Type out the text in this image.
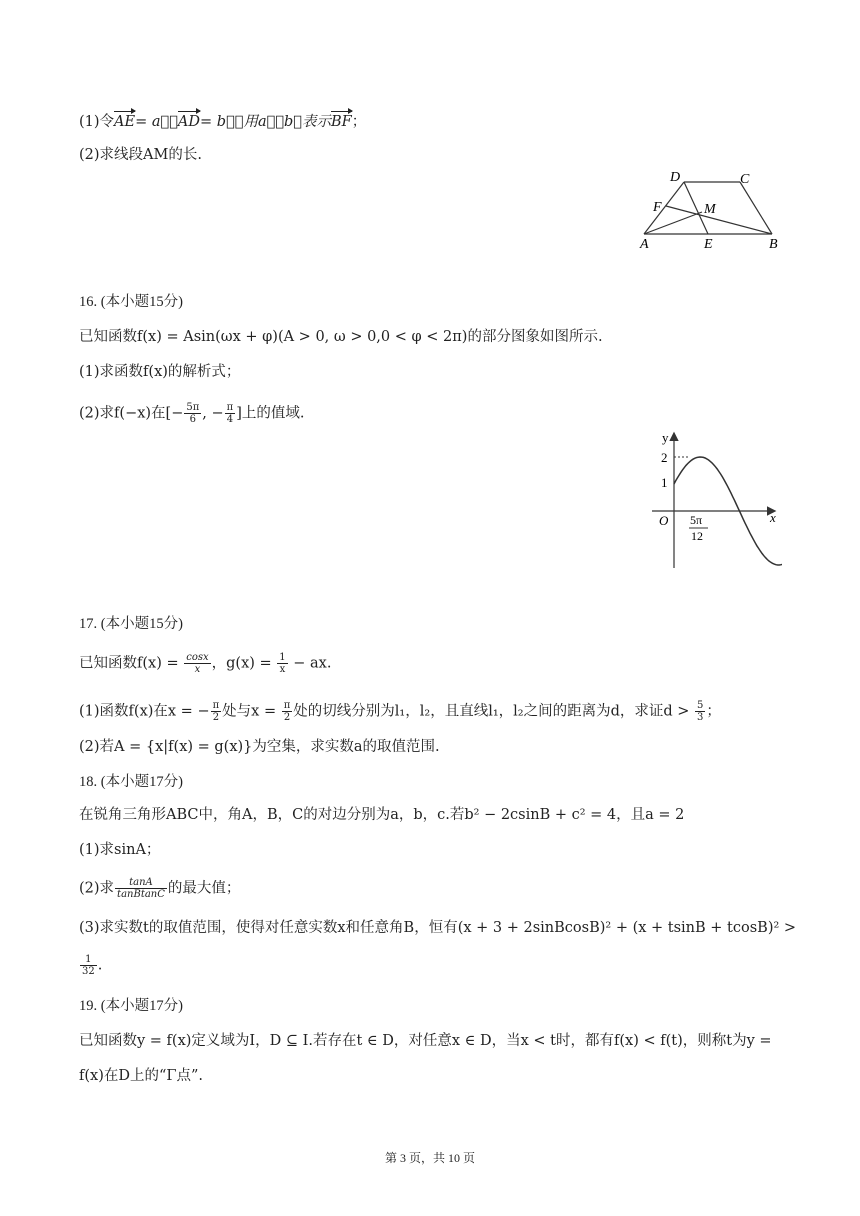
(1)令AE= a⃗，AD= b⃗，用a⃗，b⃗表示BF；
(2)求线段AM的长.
D	C
F	M
A	E	B
16. (本小题15分)
已知函数f(x) = Asin(ωx + φ)(A > 0, ω > 0,0 < φ < 2π)的部分图象如图所示.
(1)求函数f(x)的解析式；
(2)求f(−x)在[− $\frac{5\pi}{6}$ , − $\frac{\pi}{4}$ ]上的值域.
y
x
O
2
1
5π
12
17. (本小题15分)
已知函数$f(x) = \frac{\cos x}{x}$ ，$g(x) = \frac{1}{x}$ − ax.
(1)函数f(x)在x = − $\frac{\pi}{2}$ 处与$x = \frac{\pi}{2}$ 处的切线分别为l₁，l₂，且直线l₁，l₂之间的距离为d，求证$d > \frac{5}{3}$ ；
(2)若A = {x|f(x) = g(x)}为空集，求实数a的取值范围.
18. (本小题17分)
在锐角三角形ABC中，角A，B，C的对边分别为a，b，c.若b² − 2csinB + c² = 4，且a = 2
(1)求sinA；
(2)求 $\frac{\tan A}{\text{tanBtanC}}$ 的最大值；
(3)求实数t的取值范围，使得对任意实数x和任意角B，恒有(x + 3 + 2sinBcosB)² + (x + tsinB + tcosB)² >
$\frac{1}{32}$ .
19. (本小题17分)
已知函数y = f(x)定义域为I，D ⊆ I.若存在t ∈ D，对任意x ∈ D，当x < t时，都有f(x) < f(t)，则称t为y =
f(x)在D上的“Γ点”.
第 3 页，共 10 页
